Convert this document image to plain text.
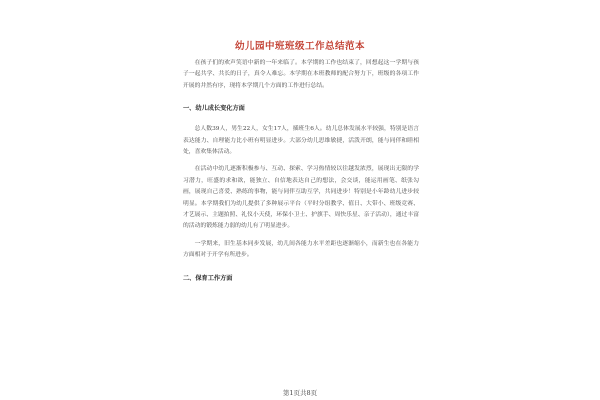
幼儿园中班班级工作总结范本

在孩子们的欢声笑语中新的一年来临了。本学期的工作也结束了，回想起这一学期与孩子一起共学、共长的日子，真令人难忘。本学期在本班教师的配合努力下，班级的各项工作开展的井然有序，现将本学期几个方面的工作进行总结。

一、幼儿成长变化方面

总人数39人，男生22人，女生17人，插班生6人。幼儿总体发展水平较强，特别是语言表达能力、自理能力比小班有明显进步。大部分幼儿思维敏捷，活泼开朗，能与同伴和睦相处，喜欢集体活动。

在活动中幼儿逐渐积极参与、互动、探索、学习热情较以往越发浓烈，展现出无限的学习潜力，旺盛的求和欲，能独立、自信地表达自己的想法，会交谈，能运用画笔、纸张勾画，展现自己喜爱、熟练的事物，能与同伴互助互学，共同进步！特别是小年龄幼儿进步较明显。本学期我们为幼儿提供了多种展示平台（平时分组教学、值日、大带小、班级竞赛、才艺展示、主题拍照、礼仪小天使，环保小卫士、护旗手、周快乐星、亲子活动），通过丰富的活动的锻炼能力弱的幼儿有了明显进步。

一学期来，旧生基本同步发展，幼儿间各能力水平差距也逐渐缩小，而新生也在各能力方面相对于开学有所进步。

二、保育工作方面
第1页共8页
